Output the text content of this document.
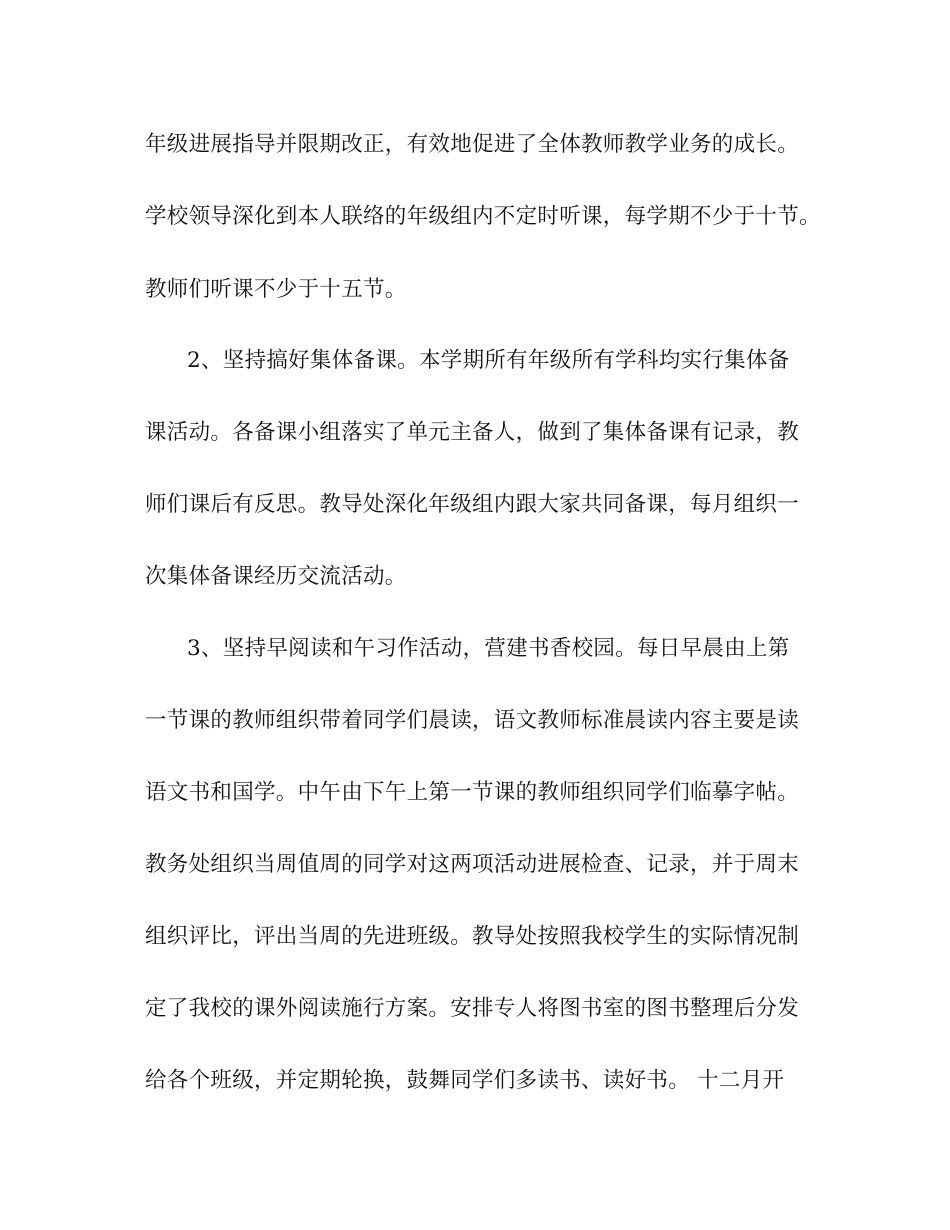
年级进展指导并限期改正，有效地促进了全体教师教学业务的成长。
学校领导深化到本人联络的年级组内不定时听课，每学期不少于十节。
教师们听课不少于十五节。
2、坚持搞好集体备课。本学期所有年级所有学科均实行集体备
课活动。各备课小组落实了单元主备人，做到了集体备课有记录，教
师们课后有反思。教导处深化年级组内跟大家共同备课，每月组织一
次集体备课经历交流活动。
3、坚持早阅读和午习作活动，营建书香校园。每日早晨由上第
一节课的教师组织带着同学们晨读，语文教师标准晨读内容主要是读
语文书和国学。中午由下午上第一节课的教师组织同学们临摹字帖。
教务处组织当周值周的同学对这两项活动进展检查、记录，并于周末
组织评比，评出当周的先进班级。教导处按照我校学生的实际情况制
定了我校的课外阅读施行方案。安排专人将图书室的图书整理后分发
给各个班级，并定期轮换，鼓舞同学们多读书、读好书。 十二月开
